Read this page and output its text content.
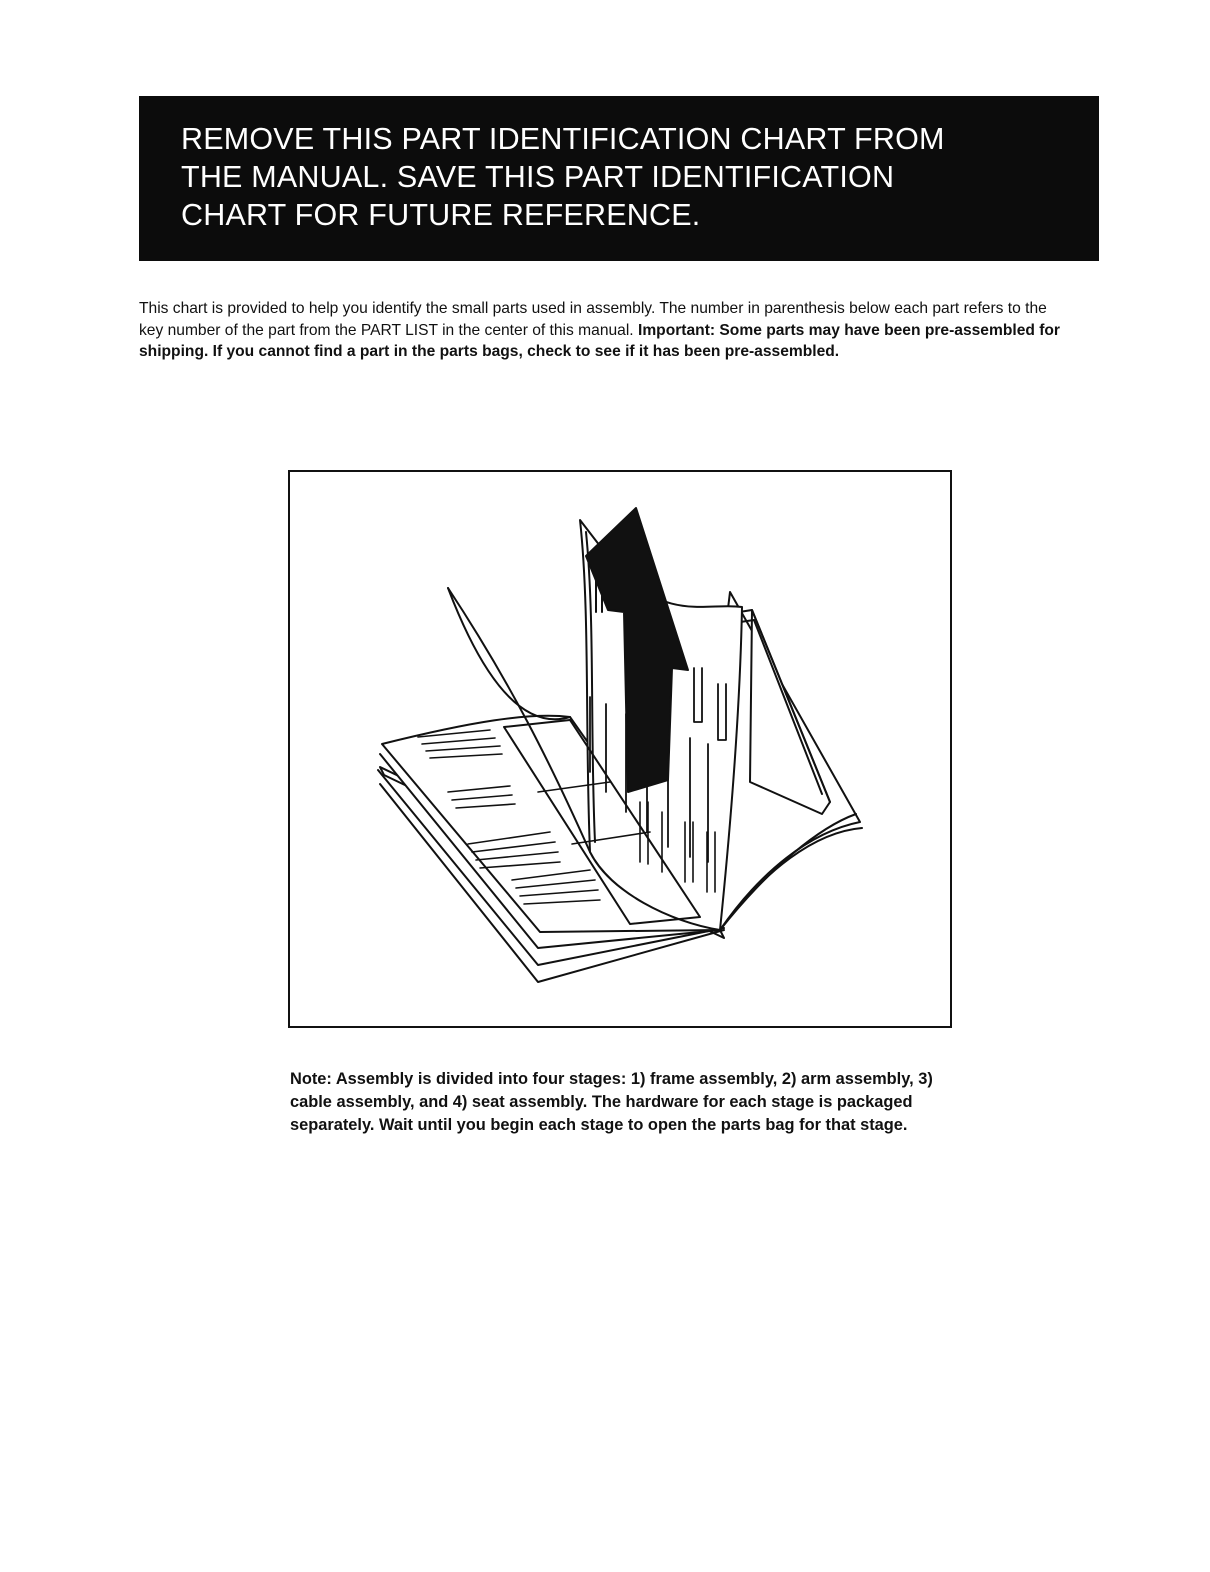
REMOVE THIS PART IDENTIFICATION CHART FROM
THE MANUAL. SAVE THIS PART IDENTIFICATION
CHART FOR FUTURE REFERENCE.

This chart is provided to help you identify the small parts used in assembly. The number in parenthesis below each part refers to the key number of the part from the PART LIST in the center of this manual. Important: Some parts may have been pre-assembled for shipping. If you cannot find a part in the parts bags, check to see if it has been pre-assembled.

Note: Assembly is divided into four stages: 1) frame assembly, 2) arm assembly, 3) cable assembly, and 4) seat assembly. The hardware for each stage is packaged separately. Wait until you begin each stage to open the parts bag for that stage.
